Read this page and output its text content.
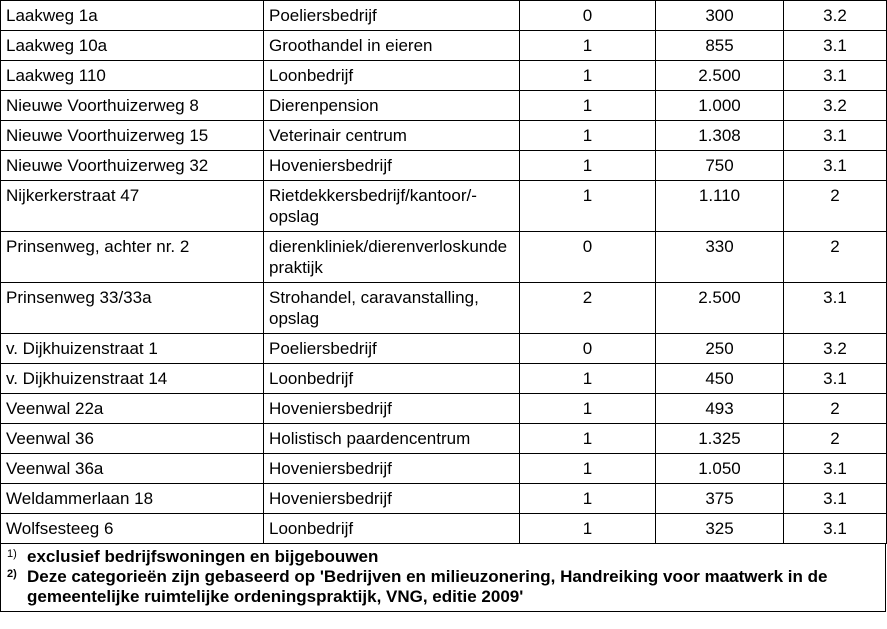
Laakweg 1a	Poeliersbedrijf	0	300	3.2
Laakweg 10a	Groothandel in eieren	1	855	3.1
Laakweg 110	Loonbedrijf	1	2.500	3.1
Nieuwe Voorthuizerweg 8	Dierenpension	1	1.000	3.2
Nieuwe Voorthuizerweg 15	Veterinair centrum	1	1.308	3.1
Nieuwe Voorthuizerweg 32	Hoveniersbedrijf	1	750	3.1
Nijkerkerstraat 47	Rietdekkersbedrijf/kantoor/-opslag	1	1.110	2
Prinsenweg, achter nr. 2	dierenkliniek/dierenverloskundepraktijk	0	330	2
Prinsenweg 33/33a	Strohandel, caravanstalling, opslag	2	2.500	3.1
v. Dijkhuizenstraat 1	Poeliersbedrijf	0	250	3.2
v. Dijkhuizenstraat 14	Loonbedrijf	1	450	3.1
Veenwal 22a	Hoveniersbedrijf	1	493	2
Veenwal 36	Holistisch paardencentrum	1	1.325	2
Veenwal 36a	Hoveniersbedrijf	1	1.050	3.1
Weldammerlaan 18	Hoveniersbedrijf	1	375	3.1
Wolfsesteeg 6	Loonbedrijf	1	325	3.1
1) exclusief bedrijfswoningen en bijgebouwen
2) Deze categorieën zijn gebaseerd op 'Bedrijven en milieuzonering, Handreiking voor maatwerk in de gemeentelijke ruimtelijke ordeningspraktijk, VNG, editie 2009'
